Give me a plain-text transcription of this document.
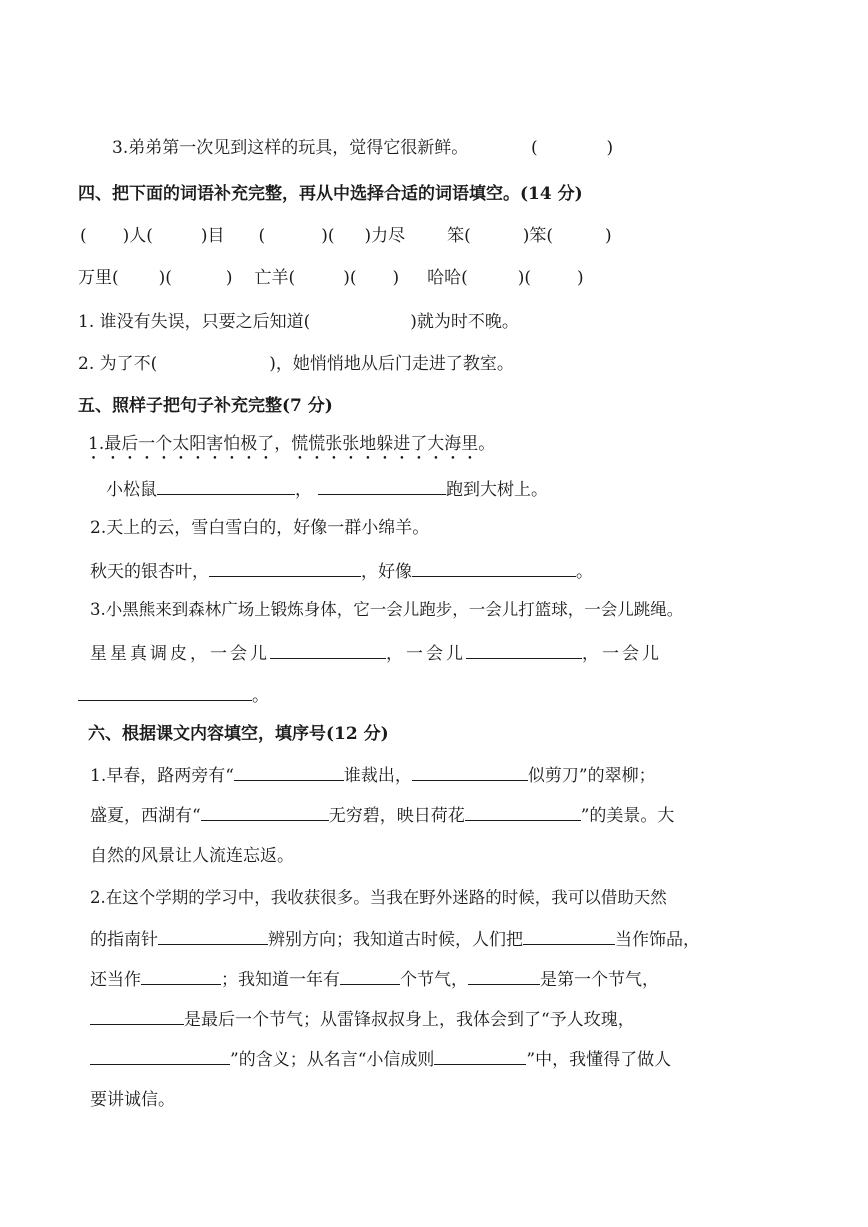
3.弟弟第一次见到这样的玩具，觉得它很新鲜。	(	)
四、把下面的词语补充完整，再从中选择合适的词语填空。(14 分)
( )人(	)目 (	)( )力尽 笨(	)笨(	)
万里( )(	) 亡羊(	)( ) 哈哈(	)(	)
1. 谁没有失误，只要之后知道(	)就为时不晚。
2. 为了不(	)，她悄悄地从后门走进了教室。
五、照样子把句子补充完整(7 分)
1.最后一个太阳害怕极了，慌慌张张地躲进了大海里。
小松鼠	，	跑到大树上。
2.天上的云，雪白雪白的，好像一群小绵羊。
秋天的银杏叶，	，好像	。
3.小黑熊来到森林广场上锻炼身体，它一会儿跑步，一会儿打篮球，一会儿跳绳。
星星真调皮，一会儿	，一会儿	，一会儿
。
六、根据课文内容填空，填序号(12 分)
1.早春，路两旁有“	谁裁出，	似剪刀”的翠柳；
盛夏，西湖有“	无穷碧，映日荷花	”的美景。大
自然的风景让人流连忘返。
2.在这个学期的学习中，我收获很多。当我在野外迷路的时候，我可以借助天然
的指南针	辨别方向；我知道古时候，人们把	当作饰品，
还当作	；我知道一年有	个节气，	是第一个节气，
是最后一个节气；从雷锋叔叔身上，我体会到了“予人玫瑰，
”的含义；从名言“小信成则	”中，我懂得了做人
要讲诚信。
